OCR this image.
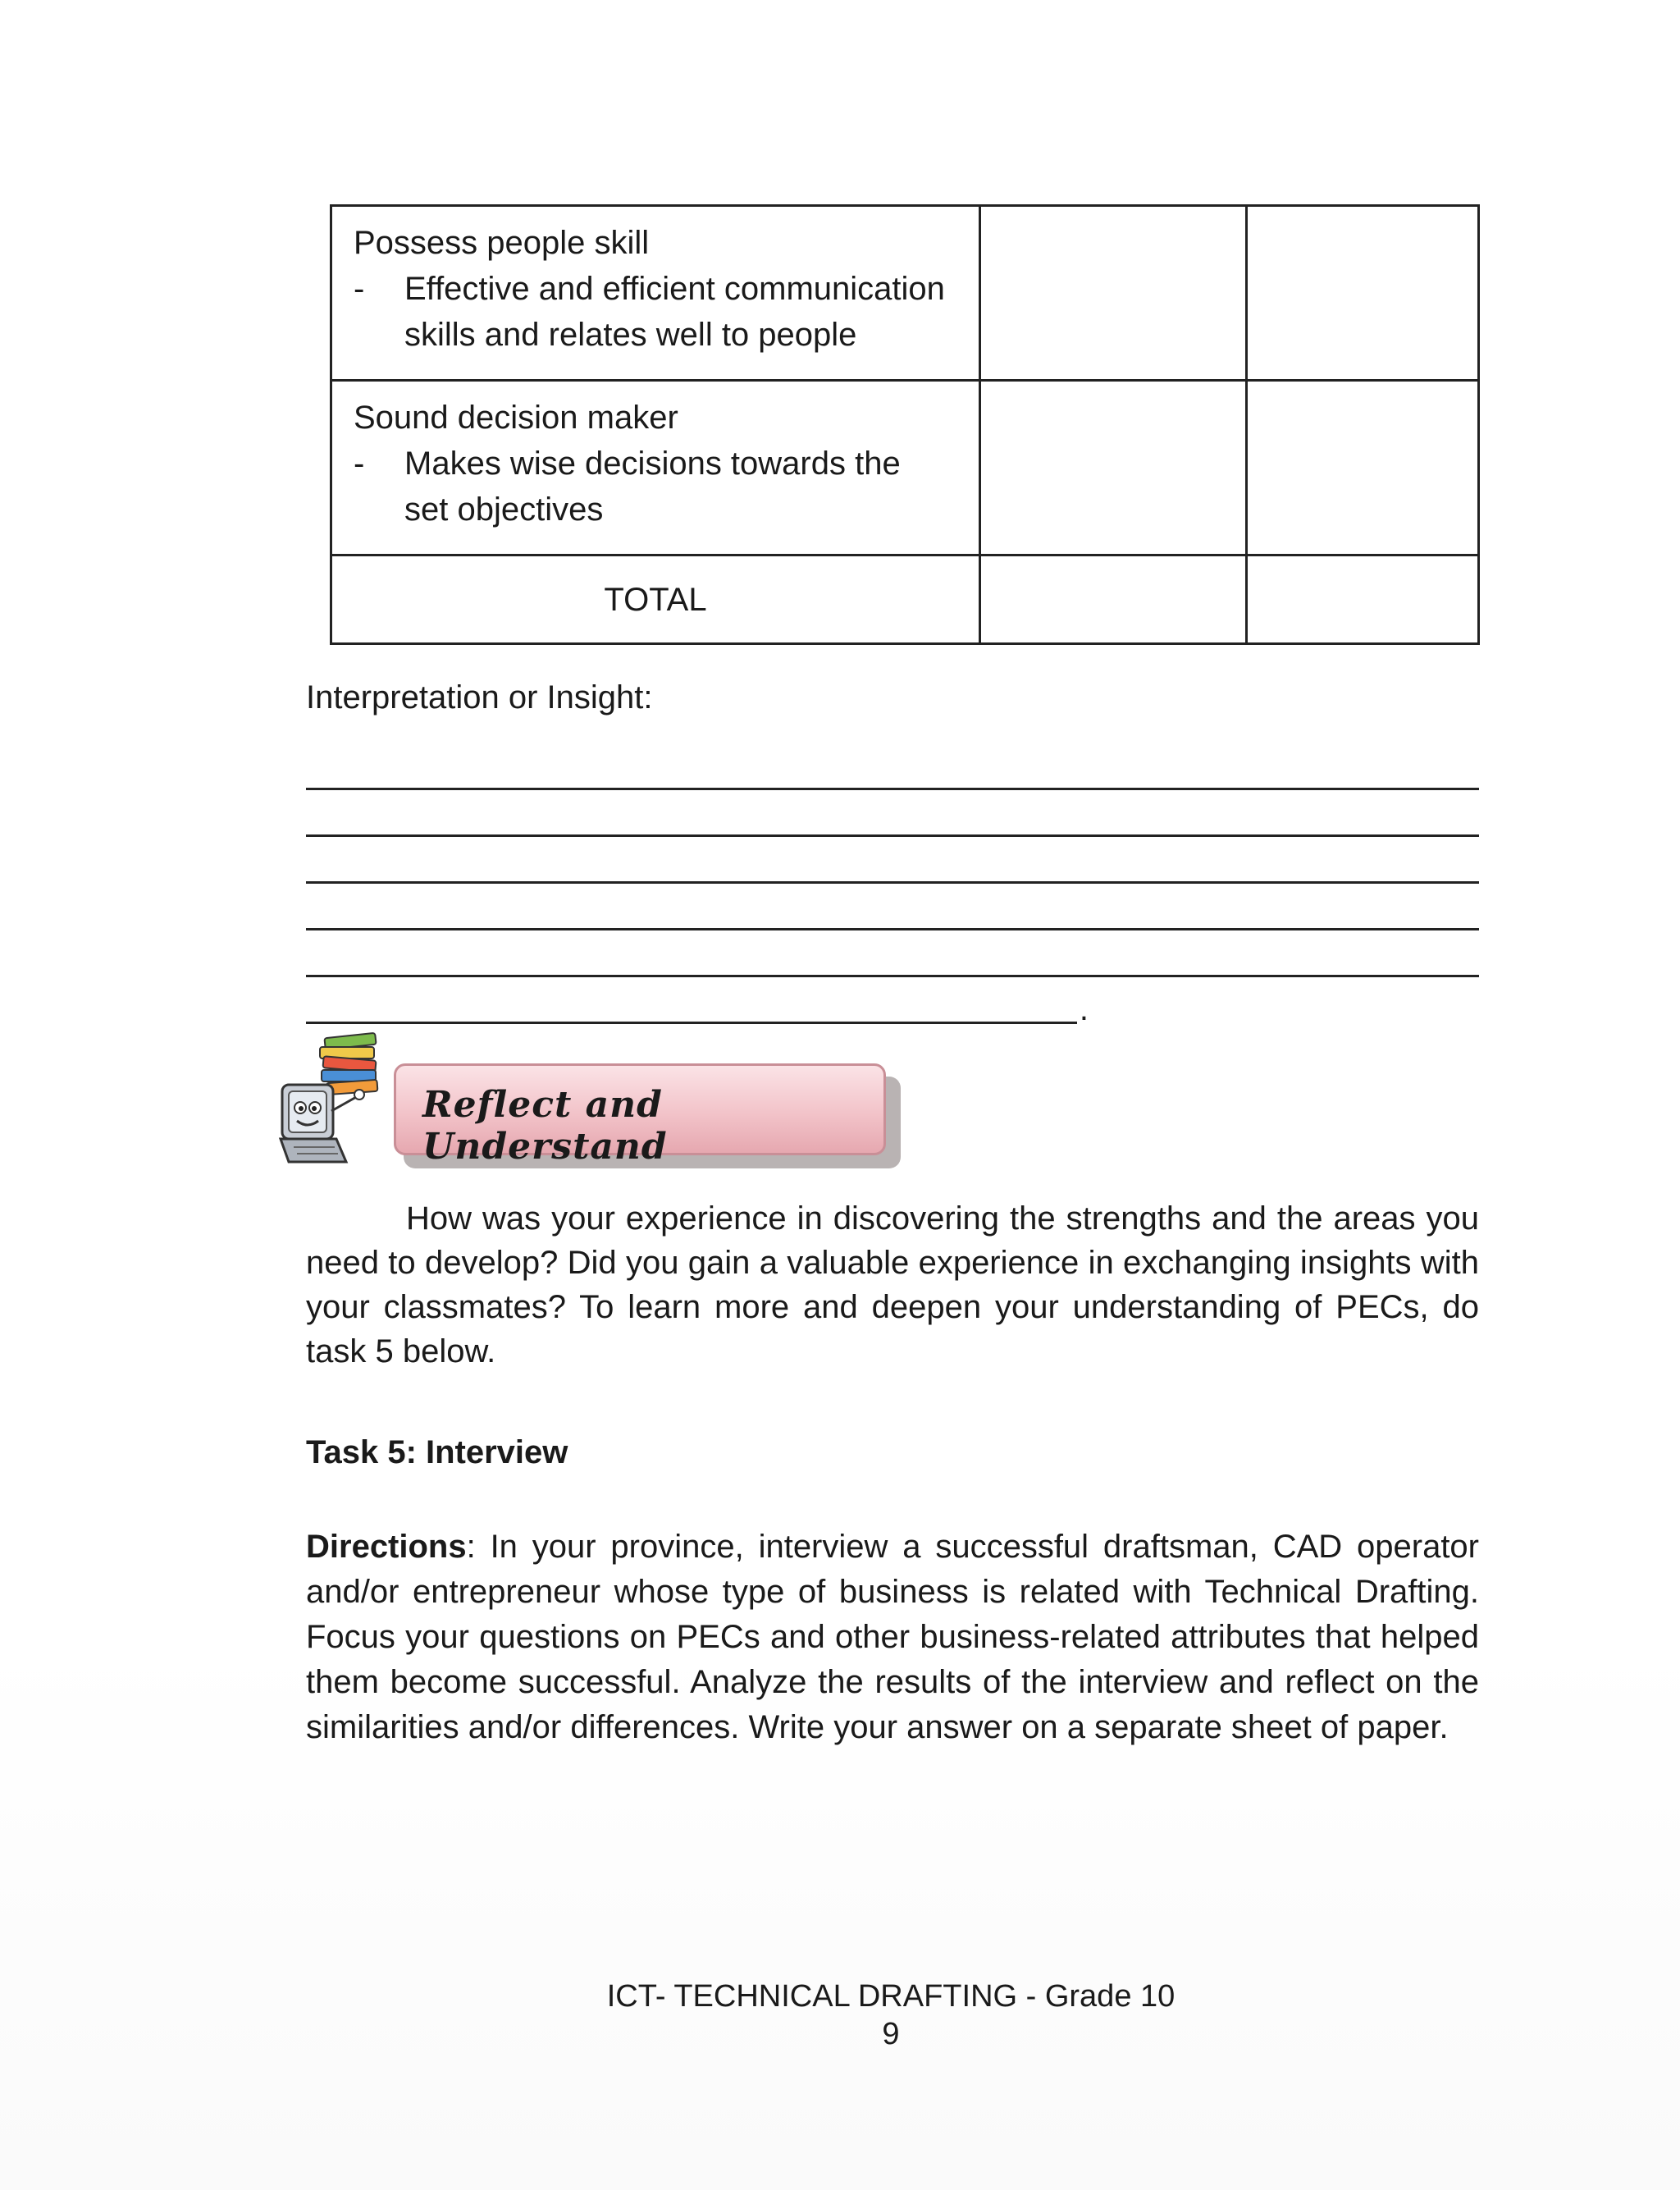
Possess people skill
- Effective and efficient communication
skills and relates well to people		

Sound decision maker
- Makes wise decisions towards the
set objectives		

TOTAL		
Interpretation or Insight:
.
Reflect and Understand

How was your experience in discovering the strengths and the areas you need to develop? Did you gain a valuable experience in exchanging insights with your classmates? To learn more and deepen your understanding of PECs, do task 5 below.

Task 5: Interview

Directions: In your province, interview a successful draftsman, CAD operator and/or entrepreneur whose type of business is related with Technical Drafting. Focus your questions on PECs and other business-related attributes that helped them become successful. Analyze the results of the interview and reflect on the similarities and/or differences. Write your answer on a separate sheet of paper.

ICT- TECHNICAL DRAFTING - Grade 10
9
